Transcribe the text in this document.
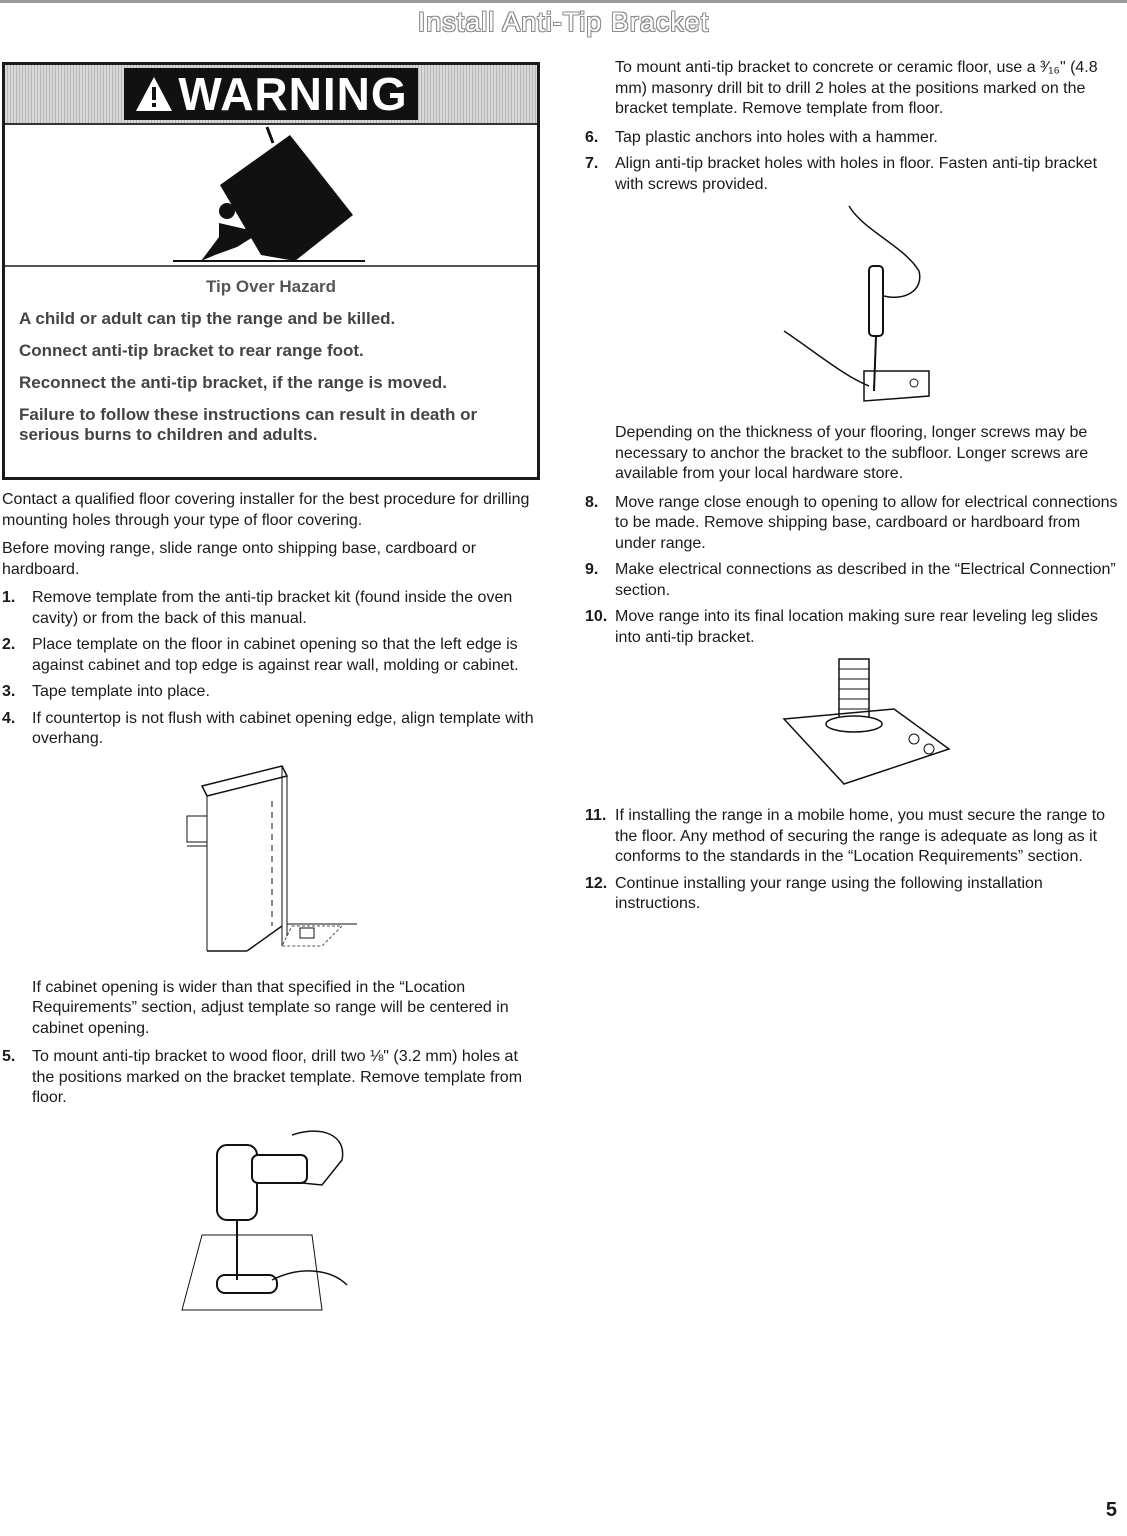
Install Anti-Tip Bracket
WARNING
Tip Over Hazard
A child or adult can tip the range and be killed.
Connect anti-tip bracket to rear range foot.
Reconnect the anti-tip bracket, if the range is moved.
Failure to follow these instructions can result in death or serious burns to children and adults.

Contact a qualified floor covering installer for the best procedure for drilling mounting holes through your type of floor covering.

Before moving range, slide range onto shipping base, cardboard or hardboard.

1. Remove template from the anti-tip bracket kit (found inside the oven cavity) or from the back of this manual.
2. Place template on the floor in cabinet opening so that the left edge is against cabinet and top edge is against rear wall, molding or cabinet.
3. Tape template into place.
4. If countertop is not flush with cabinet opening edge, align template with overhang.

If cabinet opening is wider than that specified in the “Location Requirements” section, adjust template so range will be centered in cabinet opening.

5. To mount anti-tip bracket to wood floor, drill two ⅛" (3.2 mm) holes at the positions marked on the bracket template. Remove template from floor.

To mount anti-tip bracket to concrete or ceramic floor, use a ³⁄₁₆" (4.8 mm) masonry drill bit to drill 2 holes at the positions marked on the bracket template. Remove template from floor.

6. Tap plastic anchors into holes with a hammer.
7. Align anti-tip bracket holes with holes in floor. Fasten anti-tip bracket with screws provided.

Depending on the thickness of your flooring, longer screws may be necessary to anchor the bracket to the subfloor. Longer screws are available from your local hardware store.

8. Move range close enough to opening to allow for electrical connections to be made. Remove shipping base, cardboard or hardboard from under range.
9. Make electrical connections as described in the “Electrical Connection” section.
10. Move range into its final location making sure rear leveling leg slides into anti-tip bracket.
11. If installing the range in a mobile home, you must secure the range to the floor. Any method of securing the range is adequate as long as it conforms to the standards in the “Location Requirements” section.
12. Continue installing your range using the following installation instructions.
5
